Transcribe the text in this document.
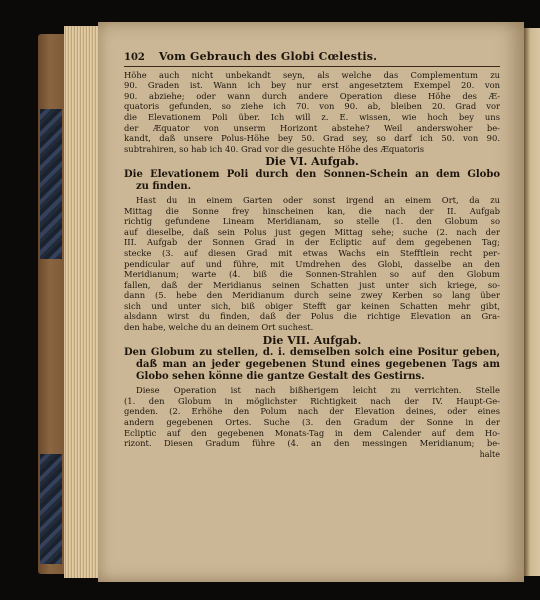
102 Vom Gebrauch des Globi Cœlestis.
Höhe auch nicht unbekandt seyn, als welche das Complementum zu
90. Graden ist. Wann ich bey nur erst angesetztem Exempel 20. von
90. abziehe; oder wann durch andere Operation diese Höhe des Æ-
quatoris gefunden, so ziehe ich 70. von 90. ab, bleiben 20. Grad vor
die Elevationem Poli über. Ich will z. E. wissen, wie hoch bey uns
der Æquator von unserm Horizont abstehe? Weil anderswoher be-
kandt, daß unsere Polus-Höhe bey 50. Grad sey, so darf ich 50. von 90.
subtrahiren, so hab ich 40. Grad vor die gesuchte Höhe des Æquatoris
Die VI. Aufgab.
Die Elevationem Poli durch den Sonnen-Schein an dem Globo
zu finden.
Hast du in einem Garten oder sonst irgend an einem Ort, da zu
Mittag die Sonne frey hinscheinen kan, die nach der II. Aufgab
richtig gefundene Lineam Meridianam, so stelle (1. den Globum so
auf dieselbe, daß sein Polus just gegen Mittag sehe; suche (2. nach der
III. Aufgab der Sonnen Grad in der Ecliptic auf dem gegebenen Tag;
stecke (3. auf diesen Grad mit etwas Wachs ein Stefftlein recht per-
pendicular auf und führe, mit Umdrehen des Globi, dasselbe an den
Meridianum; warte (4. biß die Sonnen-Strahlen so auf den Globum
fallen, daß der Meridianus seinen Schatten just unter sich kriege, so-
dann (5. hebe den Meridianum durch seine zwey Kerben so lang über
sich und unter sich, biß obiger Stefft gar keinen Schatten mehr gibt,
alsdann wirst du finden, daß der Polus die richtige Elevation an Gra-
den habe, welche du an deinem Ort suchest.
Die VII. Aufgab.
Den Globum zu stellen, d. i. demselben solch eine Positur geben,
daß man an jeder gegebenen Stund eines gegebenen Tags am
Globo sehen könne die gantze Gestalt des Gestirns.
Diese Operation ist nach bißherigem leicht zu verrichten. Stelle
(1. den Globum in möglichster Richtigkeit nach der IV. Haupt-Ge-
genden. (2. Erhöhe den Polum nach der Elevation deines, oder eines
andern gegebenen Ortes. Suche (3. den Gradum der Sonne in der
Ecliptic auf den gegebenen Monats-Tag in dem Calender auf dem Ho-
rizont. Diesen Gradum führe (4. an den messingen Meridianum; be-
halte
